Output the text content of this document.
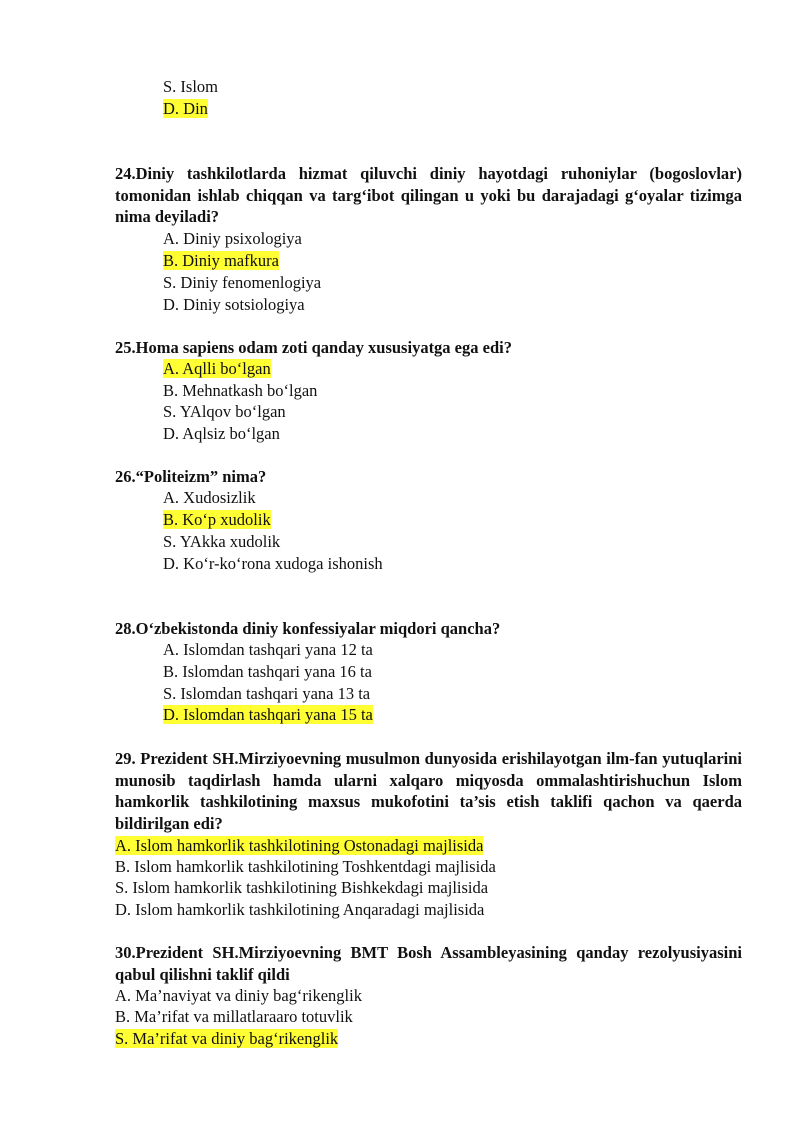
S. Islom
D. Din
24.Diniy tashkilotlarda hizmat qiluvchi diniy hayotdagi ruhoniylar (bogoslovlar) tomonidan ishlab chiqqan va targ‘ibot qilingan u yoki bu darajadagi g‘oyalar tizimga nima deyiladi?
A. Diniy psixologiya
B. Diniy mafkura
S. Diniy fenomenlogiya
D. Diniy sotsiologiya
25.Homa sapiens odam zoti qanday xususiyatga ega edi?
A. Aqlli bo‘lgan
B. Mehnatkash bo‘lgan
S. YAlqov bo‘lgan
D. Aqlsiz bo‘lgan
26.“Politeizm” nima?
A. Xudosizlik
B. Ko‘p xudolik
S. YAkka xudolik
D. Ko‘r-ko‘rona xudoga ishonish
28.O‘zbekistonda diniy konfessiyalar miqdori qancha?
A. Islomdan tashqari yana 12 ta
B. Islomdan tashqari yana 16 ta
S. Islomdan tashqari yana 13 ta
D. Islomdan tashqari yana 15 ta
29. Prezident SH.Mirziyoevning musulmon dunyosida erishilayotgan ilm-fan yutuqlarini munosib taqdirlash hamda ularni xalqaro miqyosda ommalashtirishuchun Islom hamkorlik tashkilotining maxsus mukofotini ta’sis etish taklifi qachon va qaerda bildirilgan edi?
A. Islom hamkorlik tashkilotining Ostonadagi majlisida
B. Islom hamkorlik tashkilotining Toshkentdagi majlisida
S. Islom hamkorlik tashkilotining Bishkekdagi majlisida
D. Islom hamkorlik tashkilotining Anqaradagi majlisida
30.Prezident SH.Mirziyoevning BMT Bosh Assambleyasining qanday rezolyusiyasini qabul qilishni taklif qildi
A. Ma’naviyat va diniy bag‘rikenglik
B. Ma’rifat va millatlaraaro totuvlik
S. Ma’rifat va diniy bag‘rikenglik
